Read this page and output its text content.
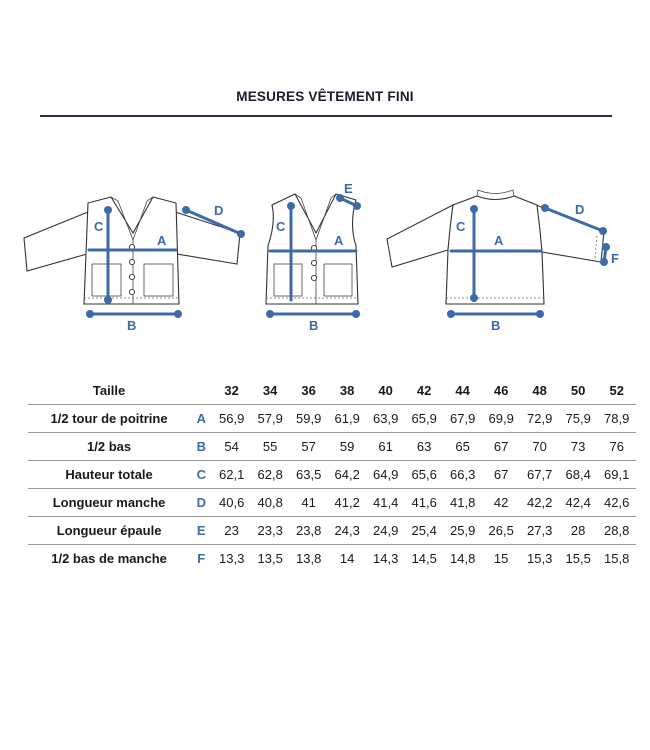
MESURES VÊTEMENT FINI
C
A
B
D
C
A
B
E
C
A
B
D
F
Taille		32	34	36	38	40	42	44	46	48	50	52
1/2 tour de poitrine	A	56,9	57,9	59,9	61,9	63,9	65,9	67,9	69,9	72,9	75,9	78,9
1/2 bas	B	54	55	57	59	61	63	65	67	70	73	76
Hauteur totale	C	62,1	62,8	63,5	64,2	64,9	65,6	66,3	67	67,7	68,4	69,1
Longueur manche	D	40,6	40,8	41	41,2	41,4	41,6	41,8	42	42,2	42,4	42,6
Longueur épaule	E	23	23,3	23,8	24,3	24,9	25,4	25,9	26,5	27,3	28	28,8
1/2 bas de manche	F	13,3	13,5	13,8	14	14,3	14,5	14,8	15	15,3	15,5	15,8
